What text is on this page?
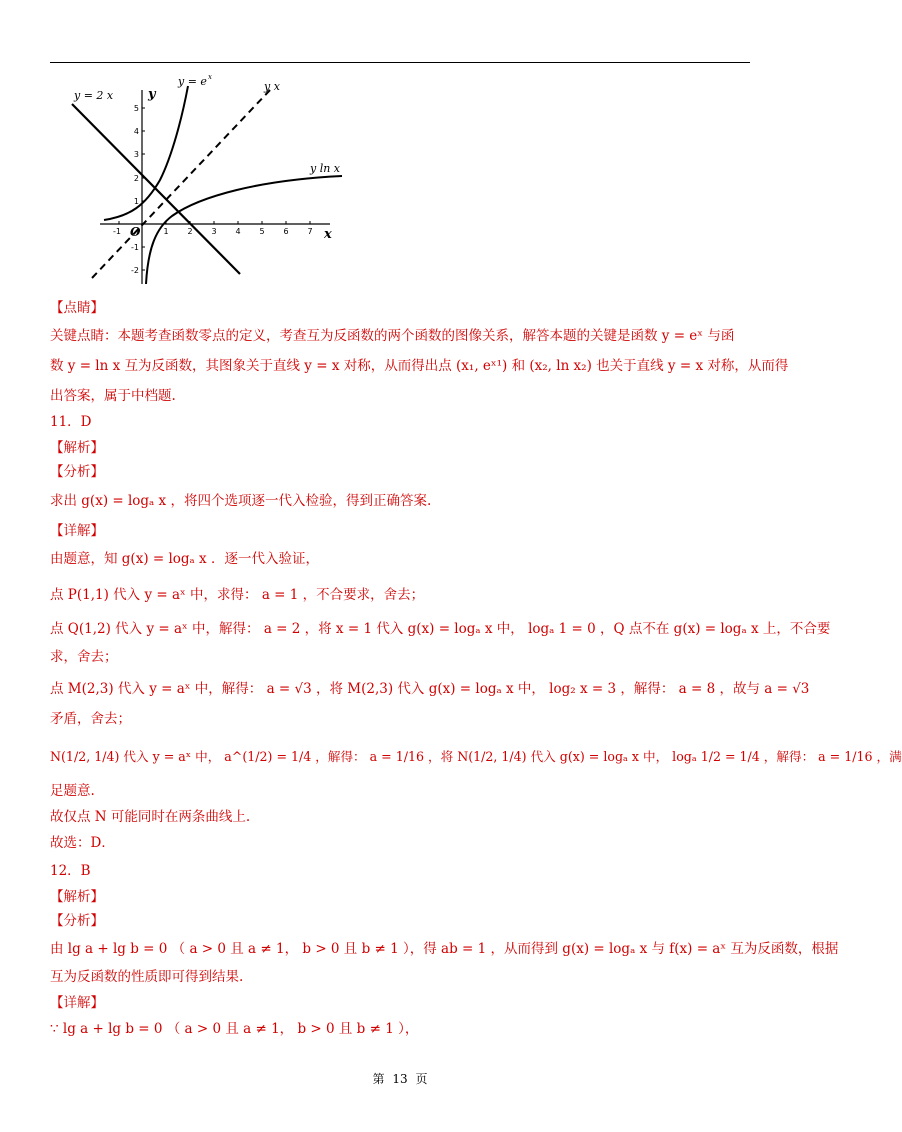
y = 2 x
y = e x
y x
y ln x
x
y
O
-1	1 2 3 4 5 6 7
5
4
3
2
1
-1
-2
【点睛】
关键点睛：本题考查函数零点的定义，考查互为反函数的两个函数的图像关系，解答本题的关键是函数 y = eˣ 与函
数 y = ln x 互为反函数，其图象关于直线 y = x 对称，从而得出点 (x₁, eˣ¹) 和 (x₂, ln x₂) 也关于直线 y = x 对称，从而得
出答案，属于中档题.
11．D
【解析】
【分析】
求出 g(x) = logₐ x ，将四个选项逐一代入检验，得到正确答案.
【详解】
由题意，知 g(x) = logₐ x ．逐一代入验证，
点 P(1,1) 代入 y = aˣ 中，求得： a = 1 ，不合要求，舍去；
点 Q(1,2) 代入 y = aˣ 中，解得： a = 2 ，将 x = 1 代入 g(x) = logₐ x 中， logₐ 1 = 0 ，Q 点不在 g(x) = logₐ x 上，不合要
求，舍去；
点 M(2,3) 代入 y = aˣ 中，解得： a = √3 ，将 M(2,3) 代入 g(x) = logₐ x 中， log₂ x = 3 ，解得： a = 8 ，故与 a = √3
矛盾，舍去；
N(1/2, 1/4) 代入 y = aˣ 中， a^(1/2) = 1/4 ，解得： a = 1/16 ，将 N(1/2, 1/4) 代入 g(x) = logₐ x 中， logₐ 1/2 = 1/4 ，解得： a = 1/16 ，满
足题意.
故仅点 N 可能同时在两条曲线上.
故选：D．
12．B
【解析】
【分析】
由 lg a + lg b = 0 （ a > 0 且 a ≠ 1， b > 0 且 b ≠ 1 ），得 ab = 1 ，从而得到 g(x) = logₐ x 与 f(x) = aˣ 互为反函数，根据
互为反函数的性质即可得到结果.
【详解】
∵ lg a + lg b = 0 （ a > 0 且 a ≠ 1， b > 0 且 b ≠ 1 ），
第 13 页
